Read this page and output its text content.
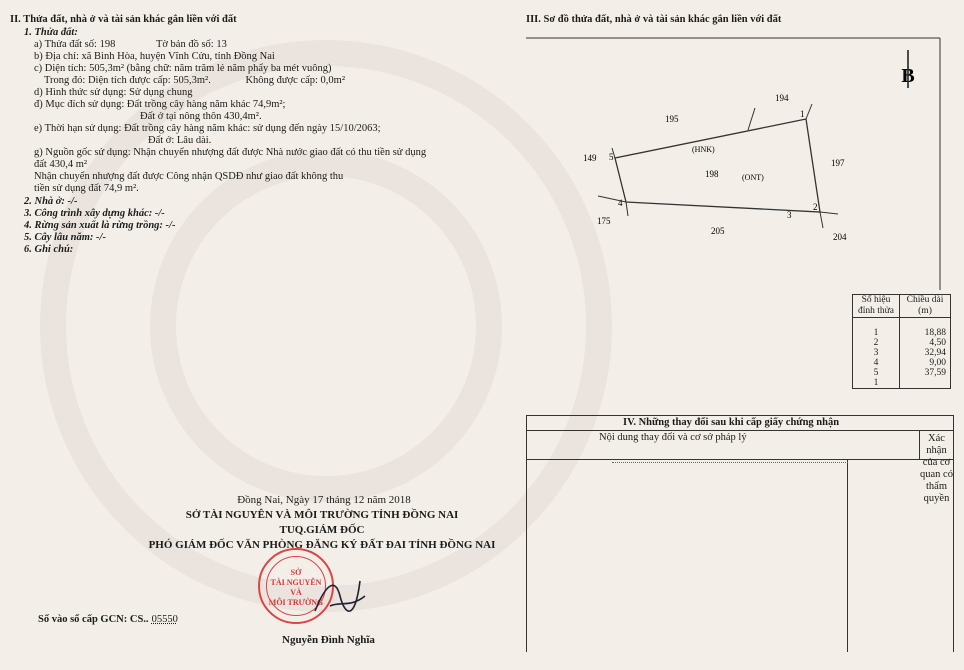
II. Thửa đất, nhà ở và tài sản khác gắn liền với đất
1. Thửa đất:
a) Thửa đất số: 198	Tờ bản đồ số: 13
b) Địa chỉ: xã Bình Hòa, huyện Vĩnh Cửu, tỉnh Đồng Nai
c) Diện tích: 505,3m² (bằng chữ: năm trăm lẻ năm phẩy ba mét vuông)
Trong đó: Diện tích được cấp: 505,3m².	Không được cấp: 0,0m²
d) Hình thức sử dụng: Sử dụng chung
đ) Mục đích sử dụng: Đất trồng cây hàng năm khác 74,9m²;
Đất ở tại nông thôn 430,4m².
e) Thời hạn sử dụng: Đất trồng cây hàng năm khác: sử dụng đến ngày 15/10/2063;
Đất ở: Lâu dài.
g) Nguồn gốc sử dụng: Nhận chuyển nhượng đất được Nhà nước giao đất có thu tiền sử dụng
đất 430,4 m²
Nhận chuyển nhượng đất được Công nhận QSDĐ như giao đất không thu
tiền sử dụng đất 74,9 m².
2. Nhà ở: -/-
3. Công trình xây dựng khác: -/-
4. Rừng sản xuất là rừng trồng: -/-
5. Cây lâu năm: -/-
6. Ghi chú:
Đồng Nai, Ngày 17 tháng 12 năm 2018
SỞ TÀI NGUYÊN VÀ MÔI TRƯỜNG TỈNH ĐỒNG NAI
TUQ.GIÁM ĐỐC
PHÓ GIÁM ĐỐC VĂN PHÒNG ĐĂNG KÝ ĐẤT ĐAI TỈNH ĐỒNG NAI
SỞ
TÀI NGUYÊN
VÀ
MÔI TRƯỜNG
Số vào sổ cấp GCN: CS.. 05550
Nguyễn Đình Nghĩa
III. Sơ đồ thửa đất, nhà ở và tài sản khác gắn liền với đất
B
194
195
149	197
175
205
204
198
(HNK)
(ONT)
1
2
3
4
5
Số hiệu đỉnh thửa	Chiều dài (m)

1	18,88
2	4,50
3	32,94
4	9,00
5	37,59
1	
IV. Những thay đổi sau khi cấp giấy chứng nhận
Nội dung thay đổi và cơ sở pháp lý	Xác nhận của cơ
quan có thẩm quyền
